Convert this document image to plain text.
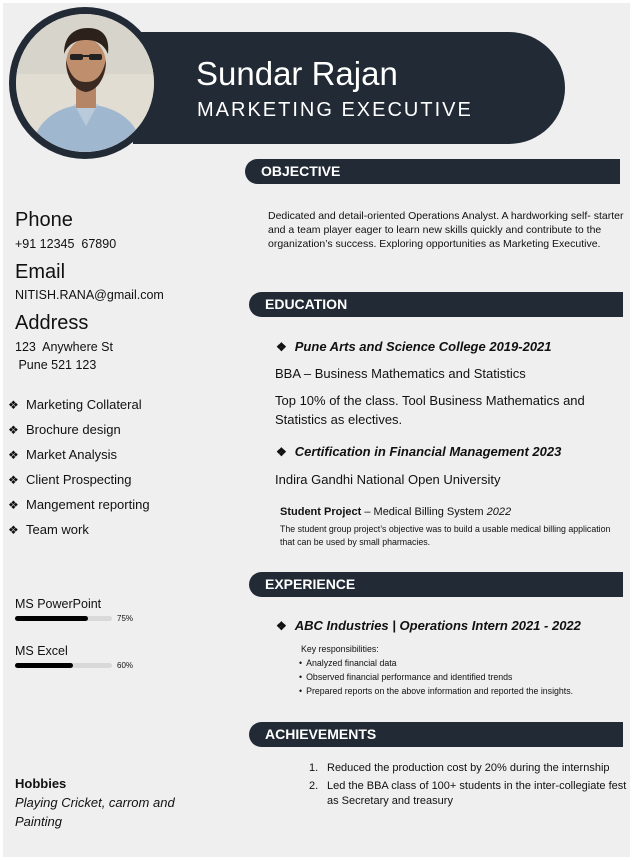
Sundar Rajan
MARKETING EXECUTIVE
Phone
+91 12345  67890
Email
NITISH.RANA@gmail.com
Address
123  Anywhere St
Pune 521 123
❖ Marketing Collateral
❖ Brochure design
❖ Market Analysis
❖ Client Prospecting
❖ Mangement reporting
❖ Team work
MS PowerPoint
75%
MS Excel
60%
Hobbies
Playing Cricket, carrom and Painting
OBJECTIVE
Dedicated and detail-oriented Operations Analyst. A hardworking self- starter and a team player eager to learn new skills quickly and contribute to the organization’s success. Exploring opportunities as Marketing Executive.
EDUCATION
❖ Pune Arts and Science College 2019-2021
BBA – Business Mathematics and Statistics
Top 10% of the class. Tool Business Mathematics and Statistics as electives.
❖ Certification in Financial Management 2023
Indira Gandhi National Open University
Student Project – Medical Billing System 2022
The student group project’s objective was to build a usable medical billing application that can be used by small pharmacies.
EXPERIENCE
❖ ABC Industries | Operations Intern 2021 - 2022
Key responsibilities:
• Analyzed financial data
• Observed financial performance and identified trends
• Prepared reports on the above information and reported the insights.
ACHIEVEMENTS
1. Reduced the production cost by 20% during the internship
2. Led the BBA class of 100+ students in the inter-collegiate fest as Secretary and treasury
